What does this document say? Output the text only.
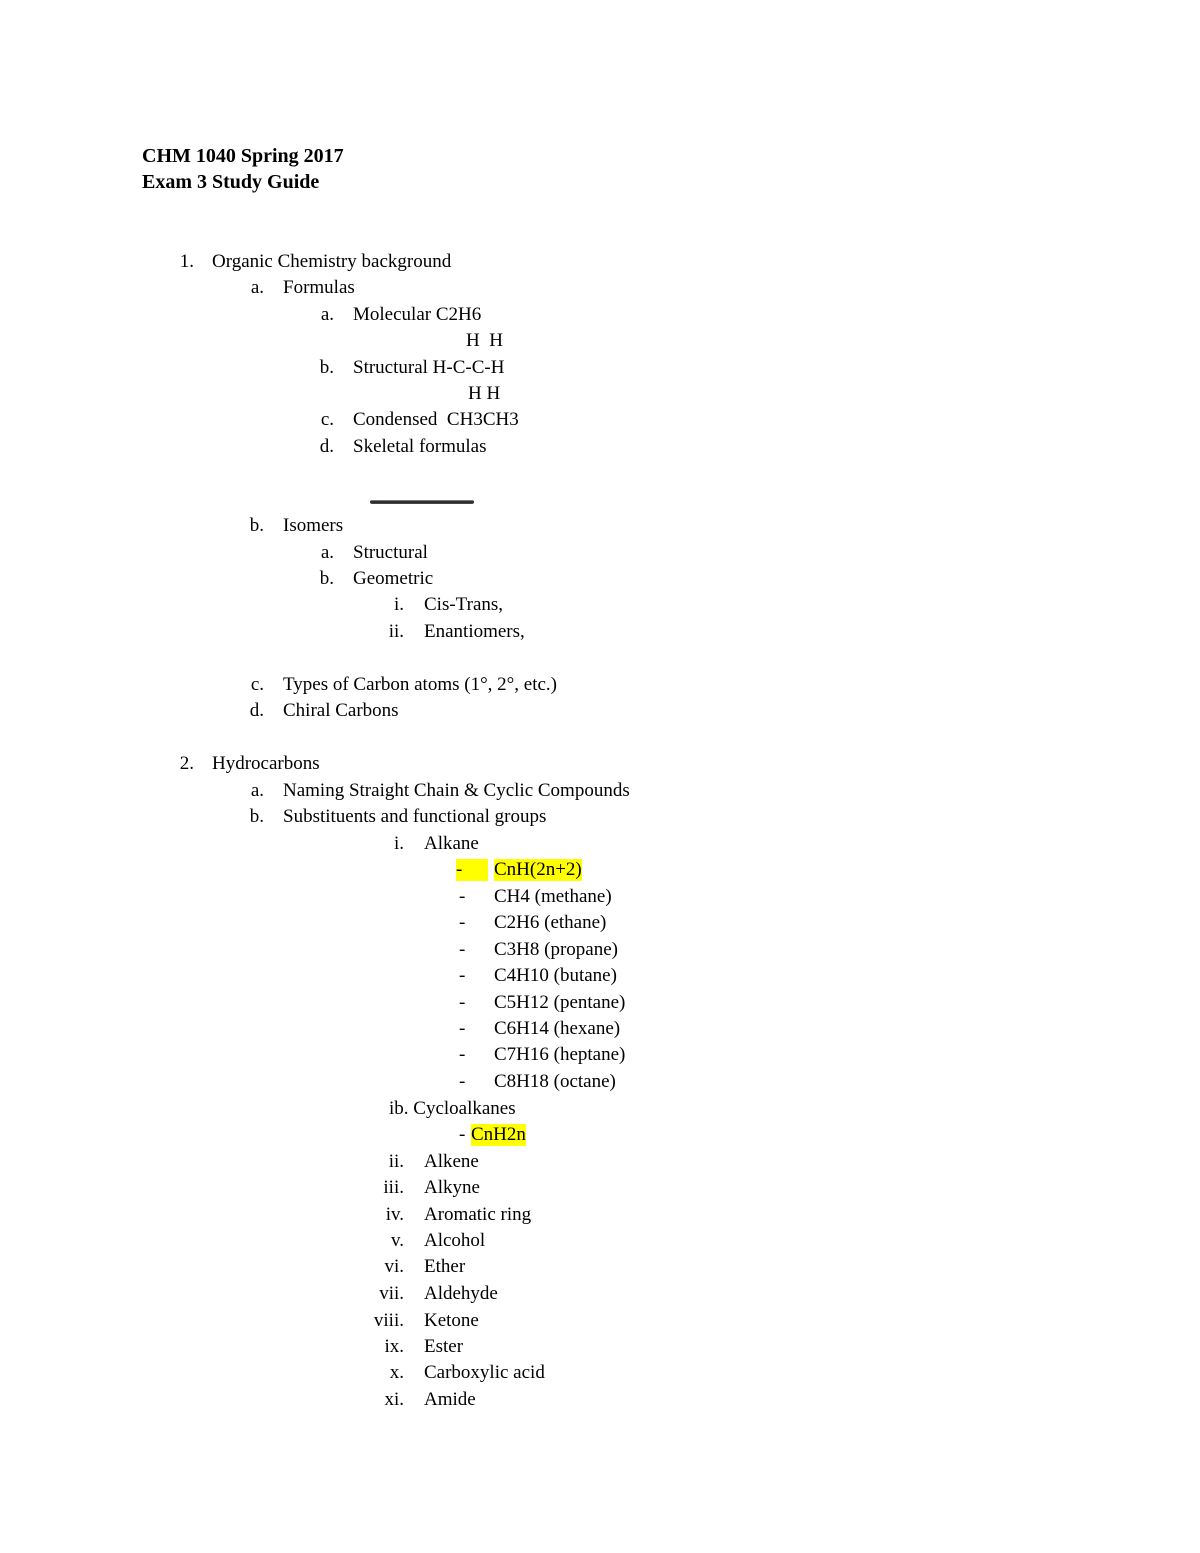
CHM 1040 Spring 2017
Exam 3 Study Guide
1. Organic Chemistry background
a. Formulas
a. Molecular C2H6
H  H
b. Structural H-C-C-H
H H
c. Condensed  CH3CH3
d. Skeletal formulas
b. Isomers
a. Structural
b. Geometric
i. Cis-Trans,
ii. Enantiomers,
c. Types of Carbon atoms (1°, 2°, etc.)
d. Chiral Carbons
2. Hydrocarbons
a. Naming Straight Chain & Cyclic Compounds
b. Substituents and functional groups
i. Alkane
-	CnH(2n+2)
- CH4 (methane)
- C2H6 (ethane)
- C3H8 (propane)
- C4H10 (butane)
- C5H12 (pentane)
- C6H14 (hexane)
- C7H16 (heptane)
- C8H18 (octane)
ib. Cycloalkanes
- CnH2n
ii. Alkene
iii. Alkyne
iv. Aromatic ring
v. Alcohol
vi. Ether
vii. Aldehyde
viii. Ketone
ix. Ester
x. Carboxylic acid
xi. Amide
